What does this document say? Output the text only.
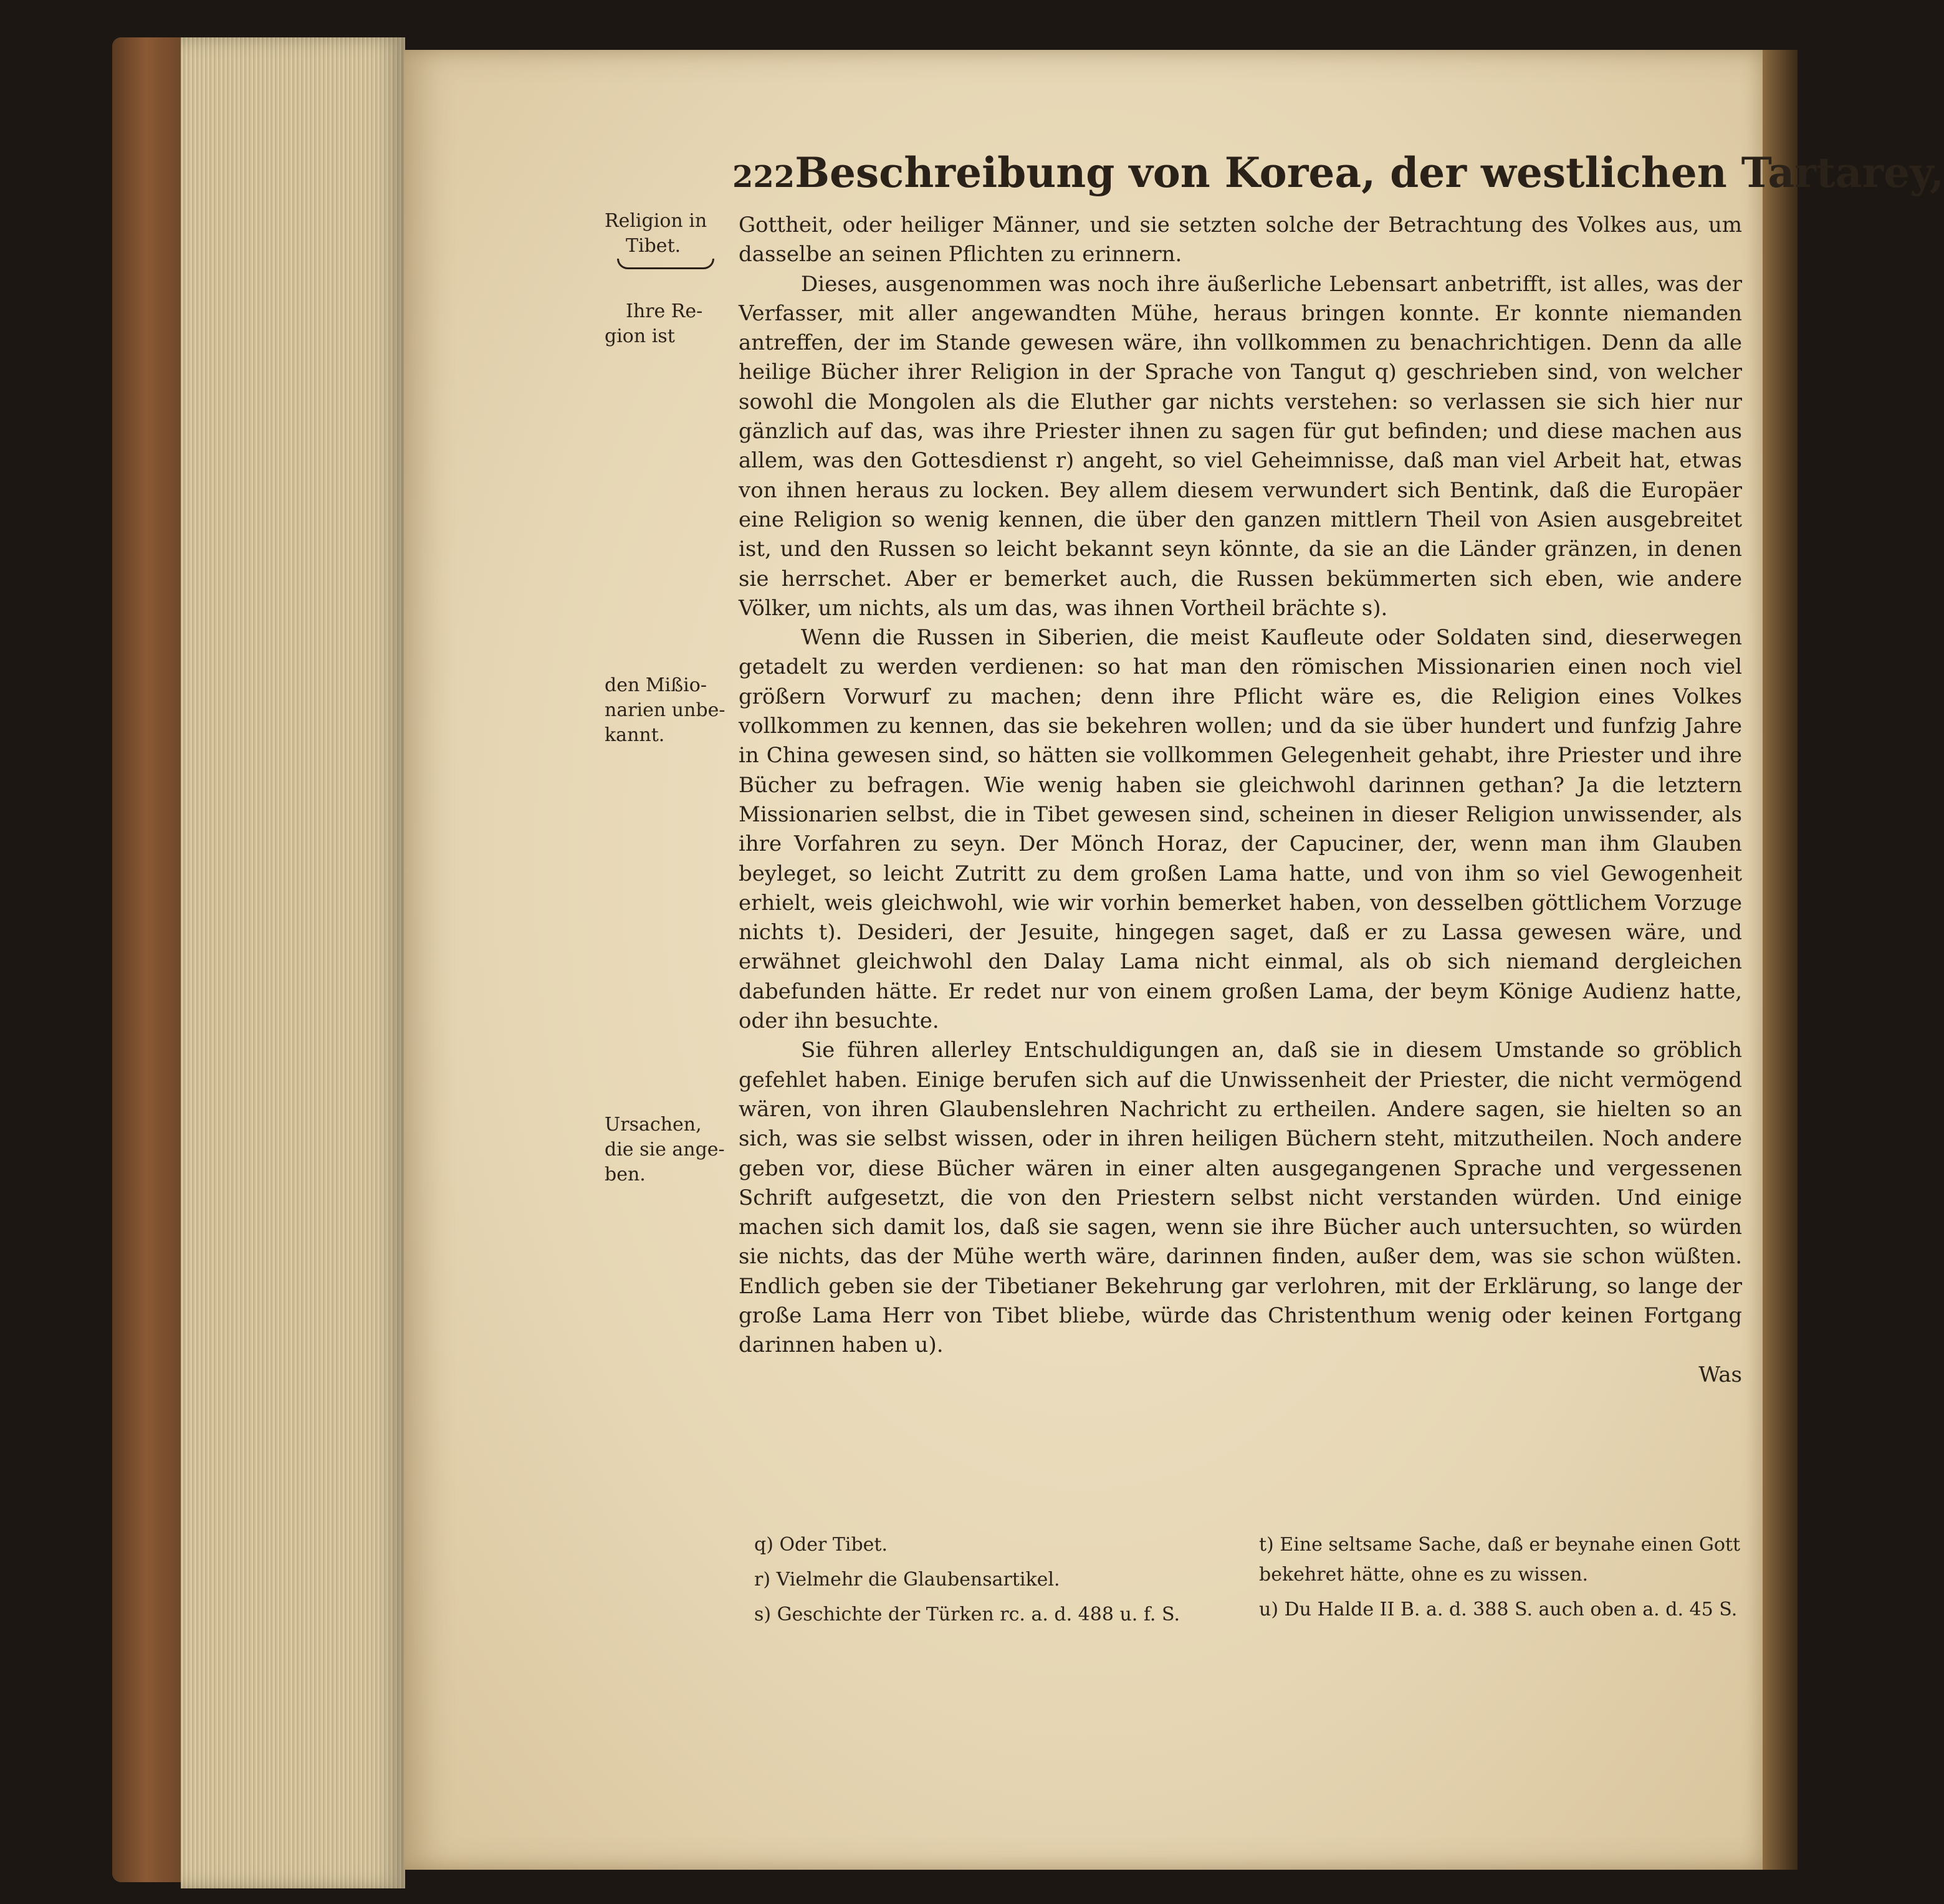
222 Beschreibung von Korea, der westlichen Tartarey,
Religion in
Tibet.
Ihre Re-
gion ist
den Mißio-
narien unbe-
kannt.
Ursachen,
die sie ange-
ben.

Gottheit, oder heiliger Männer, und sie setzten solche der Betrachtung des Volkes aus, um dasselbe an seinen Pflichten zu erinnern.

Dieses, ausgenommen was noch ihre äußerliche Lebensart anbetrifft, ist alles, was der Verfasser, mit aller angewandten Mühe, heraus bringen konnte. Er konnte niemanden antreffen, der im Stande gewesen wäre, ihn vollkommen zu benachrichtigen. Denn da alle heilige Bücher ihrer Religion in der Sprache von Tangut q) geschrieben sind, von welcher sowohl die Mongolen als die Eluther gar nichts verstehen: so verlassen sie sich hier nur gänzlich auf das, was ihre Priester ihnen zu sagen für gut befinden; und diese machen aus allem, was den Gottesdienst r) angeht, so viel Geheimnisse, daß man viel Arbeit hat, etwas von ihnen heraus zu locken. Bey allem diesem verwundert sich Bentink, daß die Europäer eine Religion so wenig kennen, die über den ganzen mittlern Theil von Asien ausgebreitet ist, und den Russen so leicht bekannt seyn könnte, da sie an die Länder gränzen, in denen sie herrschet. Aber er bemerket auch, die Russen bekümmerten sich eben, wie andere Völker, um nichts, als um das, was ihnen Vortheil brächte s).

Wenn die Russen in Siberien, die meist Kaufleute oder Soldaten sind, dieserwegen getadelt zu werden verdienen: so hat man den römischen Missionarien einen noch viel größern Vorwurf zu machen; denn ihre Pflicht wäre es, die Religion eines Volkes vollkommen zu kennen, das sie bekehren wollen; und da sie über hundert und funfzig Jahre in China gewesen sind, so hätten sie vollkommen Gelegenheit gehabt, ihre Priester und ihre Bücher zu befragen. Wie wenig haben sie gleichwohl darinnen gethan? Ja die letztern Missionarien selbst, die in Tibet gewesen sind, scheinen in dieser Religion unwissender, als ihre Vorfahren zu seyn. Der Mönch Horaz, der Capuciner, der, wenn man ihm Glauben beyleget, so leicht Zutritt zu dem großen Lama hatte, und von ihm so viel Gewogenheit erhielt, weis gleichwohl, wie wir vorhin bemerket haben, von desselben göttlichem Vorzuge nichts t). Desideri, der Jesuite, hingegen saget, daß er zu Lassa gewesen wäre, und erwähnet gleichwohl den Dalay Lama nicht einmal, als ob sich niemand dergleichen dabefunden hätte. Er redet nur von einem großen Lama, der beym Könige Audienz hatte, oder ihn besuchte.

Sie führen allerley Entschuldigungen an, daß sie in diesem Umstande so gröblich gefehlet haben. Einige berufen sich auf die Unwissenheit der Priester, die nicht vermögend wären, von ihren Glaubenslehren Nachricht zu ertheilen. Andere sagen, sie hielten so an sich, was sie selbst wissen, oder in ihren heiligen Büchern steht, mitzutheilen. Noch andere geben vor, diese Bücher wären in einer alten ausgegangenen Sprache und vergessenen Schrift aufgesetzt, die von den Priestern selbst nicht verstanden würden. Und einige machen sich damit los, daß sie sagen, wenn sie ihre Bücher auch untersuchten, so würden sie nichts, das der Mühe werth wäre, darinnen finden, außer dem, was sie schon wüßten. Endlich geben sie der Tibetianer Bekehrung gar verlohren, mit der Erklärung, so lange der große Lama Herr von Tibet bliebe, würde das Christenthum wenig oder keinen Fortgang darinnen haben u).

Was

q) Oder Tibet.
r) Vielmehr die Glaubensartikel.
s) Geschichte der Türken rc. a. d. 488 u. f. S.
t) Eine seltsame Sache, daß er beynahe einen Gott bekehret hätte, ohne es zu wissen.
u) Du Halde II B. a. d. 388 S. auch oben a. d. 45 S.
